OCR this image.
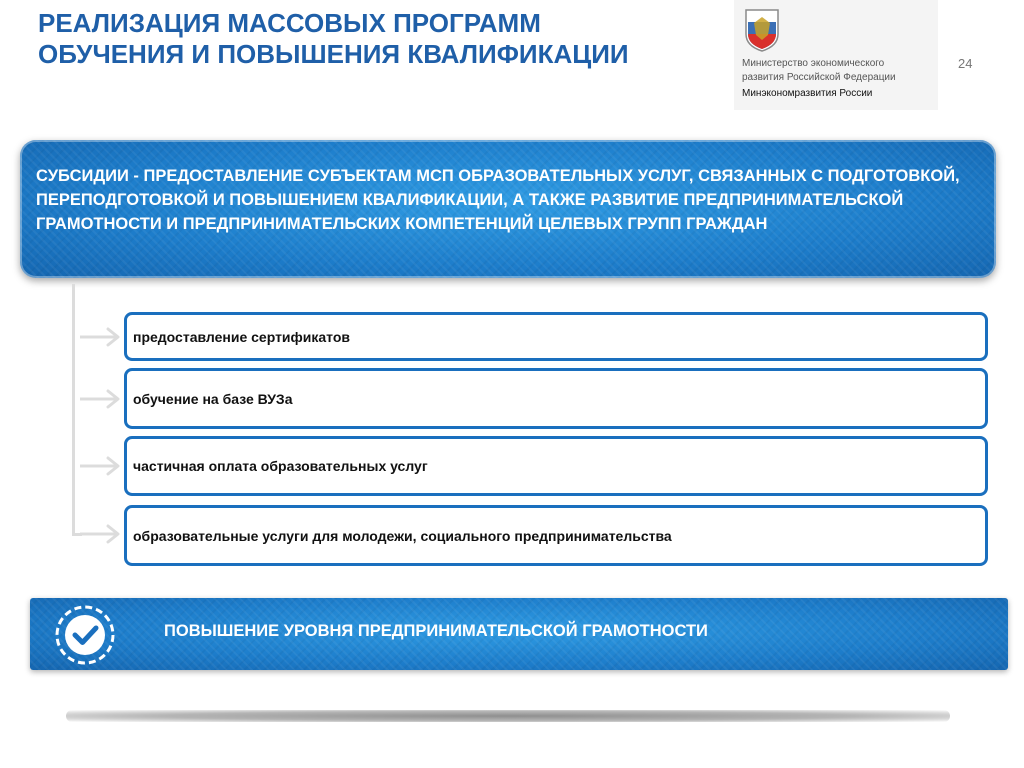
РЕАЛИЗАЦИЯ МАССОВЫХ ПРОГРАММ ОБУЧЕНИЯ И ПОВЫШЕНИЯ КВАЛИФИКАЦИИ	Министерство экономического
развития Российской Федерации
Минэкономразвития России
24

СУБСИДИИ - ПРЕДОСТАВЛЕНИЕ СУБЪЕКТАМ МСП ОБРАЗОВАТЕЛЬНЫХ УСЛУГ, СВЯЗАННЫХ С ПОДГОТОВКОЙ, ПЕРЕПОДГОТОВКОЙ И ПОВЫШЕНИЕМ КВАЛИФИКАЦИИ, А ТАКЖЕ РАЗВИТИЕ ПРЕДПРИНИМАТЕЛЬСКОЙ ГРАМОТНОСТИ И ПРЕДПРИНИМАТЕЛЬСКИХ КОМПЕТЕНЦИЙ ЦЕЛЕВЫХ ГРУПП ГРАЖДАН

предоставление сертификатов
обучение на базе ВУЗа
частичная оплата образовательных услуг
образовательные услуги для молодежи, социального предпринимательства

ПОВЫШЕНИЕ УРОВНЯ ПРЕДПРИНИМАТЕЛЬСКОЙ ГРАМОТНОСТИ
